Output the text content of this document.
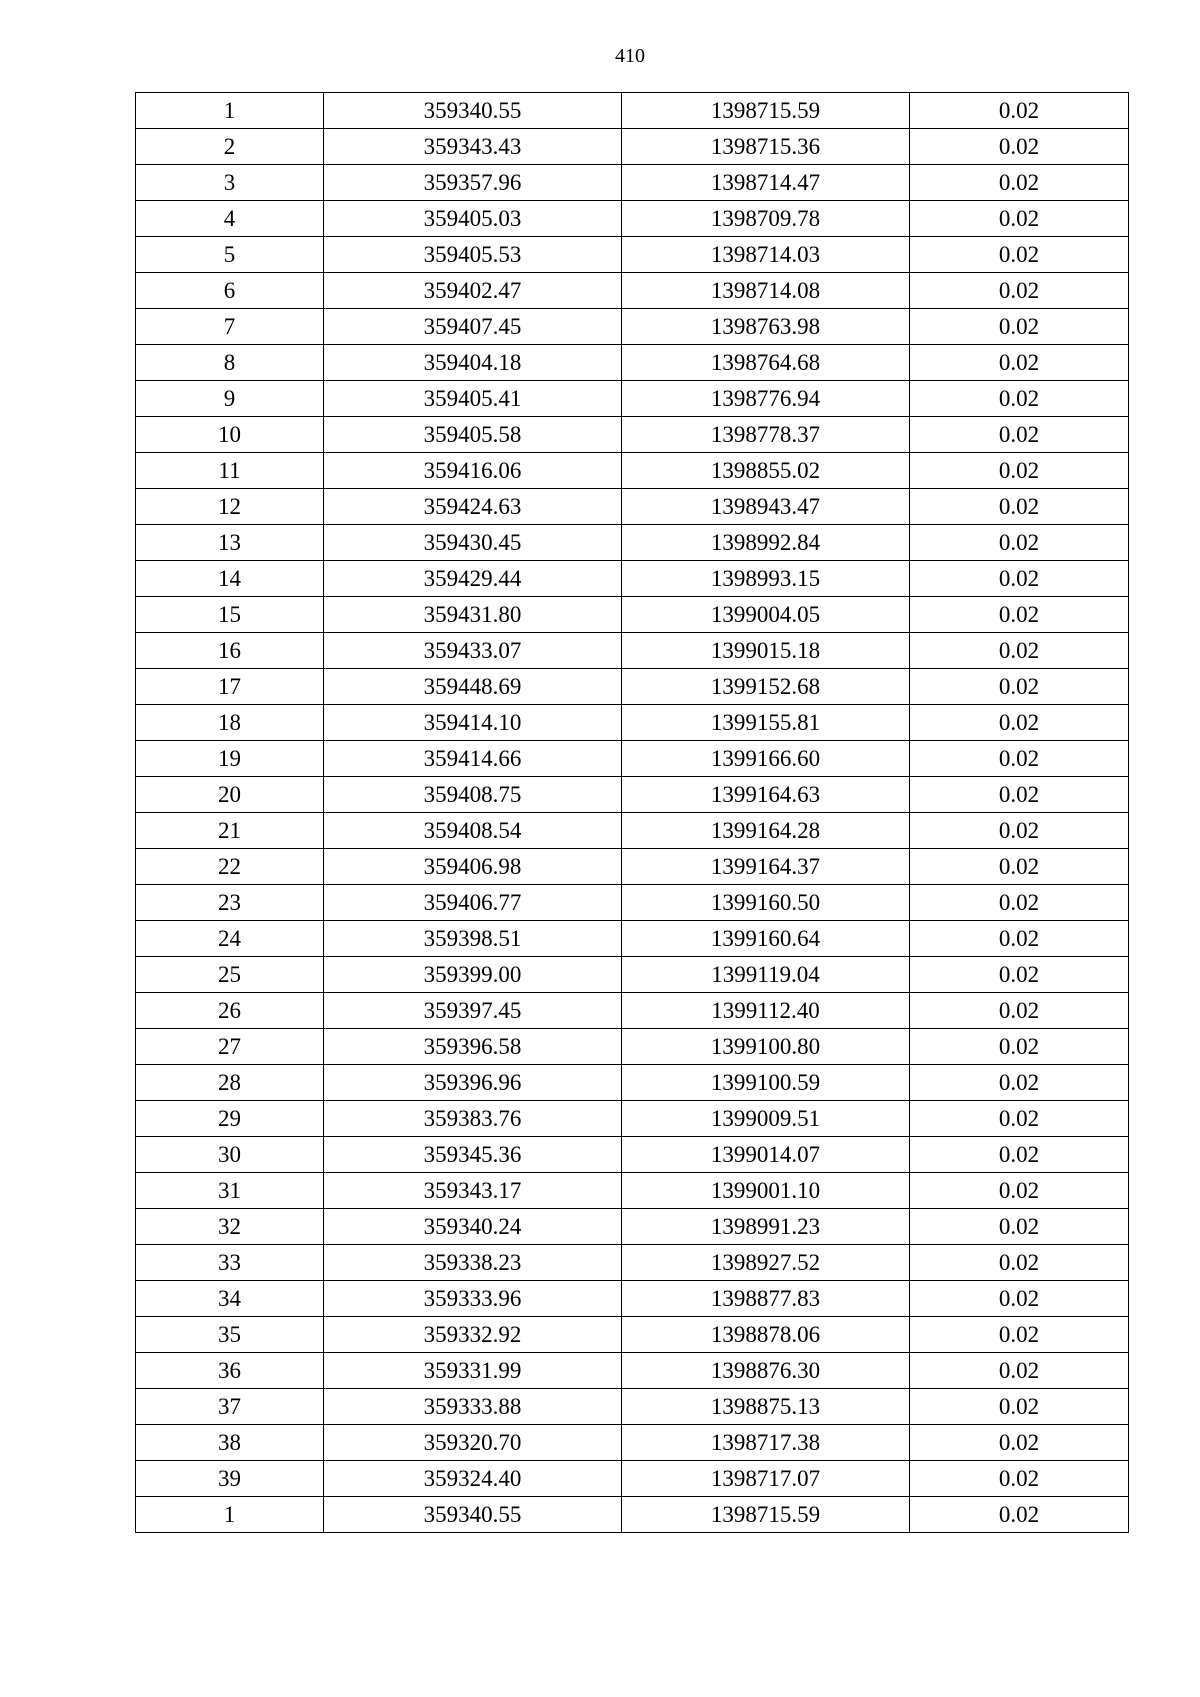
410
1	359340.55	1398715.59	0.02
2	359343.43	1398715.36	0.02
3	359357.96	1398714.47	0.02
4	359405.03	1398709.78	0.02
5	359405.53	1398714.03	0.02
6	359402.47	1398714.08	0.02
7	359407.45	1398763.98	0.02
8	359404.18	1398764.68	0.02
9	359405.41	1398776.94	0.02
10	359405.58	1398778.37	0.02
11	359416.06	1398855.02	0.02
12	359424.63	1398943.47	0.02
13	359430.45	1398992.84	0.02
14	359429.44	1398993.15	0.02
15	359431.80	1399004.05	0.02
16	359433.07	1399015.18	0.02
17	359448.69	1399152.68	0.02
18	359414.10	1399155.81	0.02
19	359414.66	1399166.60	0.02
20	359408.75	1399164.63	0.02
21	359408.54	1399164.28	0.02
22	359406.98	1399164.37	0.02
23	359406.77	1399160.50	0.02
24	359398.51	1399160.64	0.02
25	359399.00	1399119.04	0.02
26	359397.45	1399112.40	0.02
27	359396.58	1399100.80	0.02
28	359396.96	1399100.59	0.02
29	359383.76	1399009.51	0.02
30	359345.36	1399014.07	0.02
31	359343.17	1399001.10	0.02
32	359340.24	1398991.23	0.02
33	359338.23	1398927.52	0.02
34	359333.96	1398877.83	0.02
35	359332.92	1398878.06	0.02
36	359331.99	1398876.30	0.02
37	359333.88	1398875.13	0.02
38	359320.70	1398717.38	0.02
39	359324.40	1398717.07	0.02
1	359340.55	1398715.59	0.02
